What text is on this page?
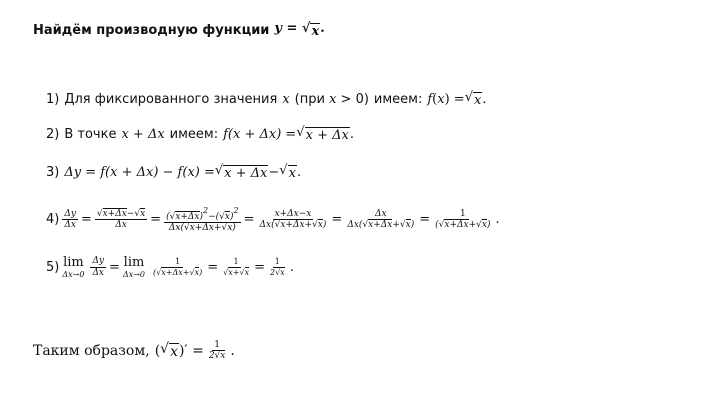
Найдём производную функции y = √ x .
1) Для фиксированного значения x (при x > 0) имеем: f ( x ) = √ x .
2) В точке x + Δx имеем: f(x + Δx) = √ x + Δx .
3) Δy = f(x + Δx) − f(x) = √ x + Δx − √ x .
$4) \frac{\Delta y}{\Delta x} = \frac{√x+\Delta x-√x}{\Delta x} = \frac{(√x+\Delta x)^2-(√x)^2}{\Delta x(√x+\Delta x+√x)} = \frac{x+\Delta x-x}{\Delta x(√x+\Delta x+√x)} = \frac{\Delta x}{\Delta x(√x+\Delta x+√x)} = \frac{1}{(√x+\Delta x+√x)}$ .
5) lim
$\Delta x\to 0 \frac{\Delta y}{\Delta x} = \lim$
$\Delta x\to 0 \frac{1}{(√x+\Delta x+√x)} = \frac{1}{√x+√x} = \frac{1}{2√x}$ .
Таким образом, ( √ x )′ = $\frac{1}{2√x}$ .
